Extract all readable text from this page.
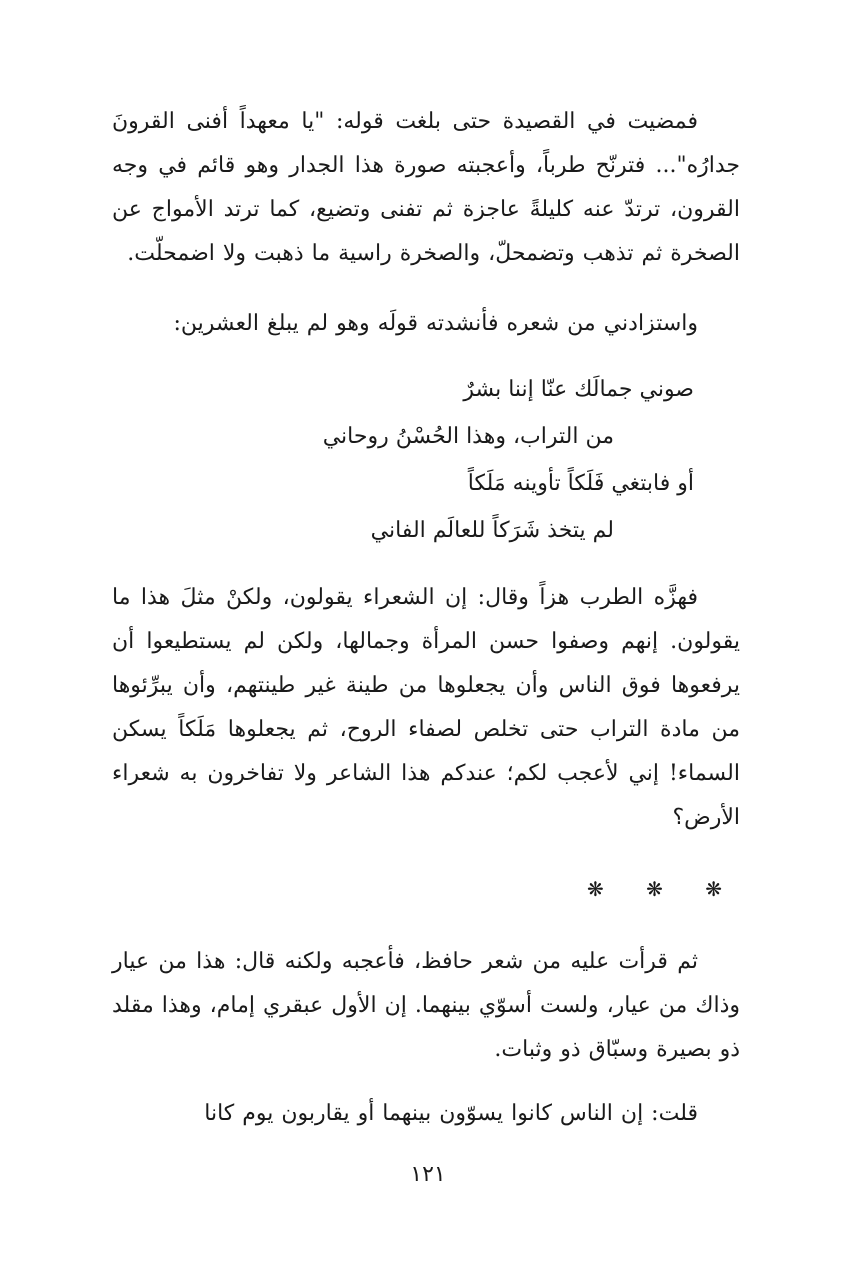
فمضيت في القصيدة حتى بلغت قوله: "يا معهداً أفنى القرونَ جدارُه"... فترنّح طرباً، وأعجبته صورة هذا الجدار وهو قائم في وجه القرون، ترتدّ عنه كليلةً عاجزة ثم تفنى وتضيع، كما ترتد الأمواج عن الصخرة ثم تذهب وتضمحلّ، والصخرة راسية ما ذهبت ولا اضمحلّت.

واستزادني من شعره فأنشدته قولَه وهو لم يبلغ العشرين:

صوني جمالَك عنّا إننا بشرٌ
من التراب، وهذا الحُسْنُ روحاني
أو فابتغي فَلَكاً تأوينه مَلَكاً
لم يتخذ شَرَكاً للعالَم الفاني

فهزَّه الطرب هزاً وقال: إن الشعراء يقولون، ولكنْ مثلَ هذا ما يقولون. إنهم وصفوا حسن المرأة وجمالها، ولكن لم يستطيعوا أن يرفعوها فوق الناس وأن يجعلوها من طينة غير طينتهم، وأن يبرِّئوها من مادة التراب حتى تخلص لصفاء الروح، ثم يجعلوها مَلَكاً يسكن السماء! إني لأعجب لكم؛ عندكم هذا الشاعر ولا تفاخرون به شعراء الأرض؟

❋ ❋ ❋

ثم قرأت عليه من شعر حافظ، فأعجبه ولكنه قال: هذا من عيار وذاك من عيار، ولست أسوّي بينهما. إن الأول عبقري إمام، وهذا مقلد ذو بصيرة وسبّاق ذو وثبات.

قلت: إن الناس كانوا يسوّون بينهما أو يقاربون يوم كانا

١٢١
